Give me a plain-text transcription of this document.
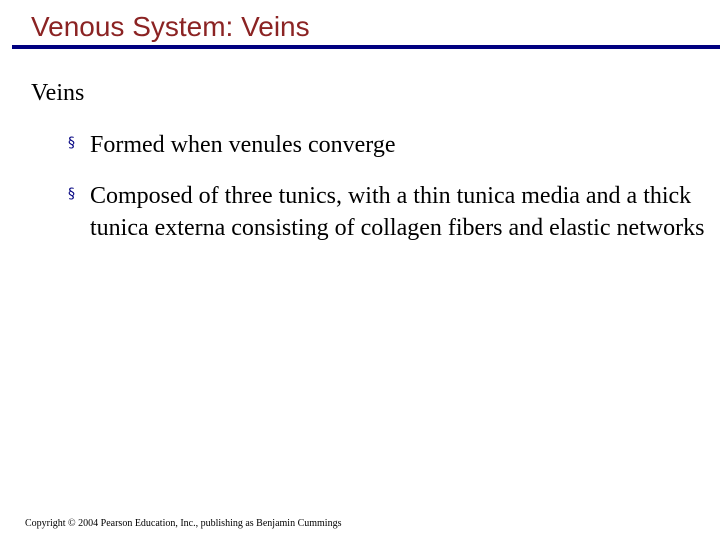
Venous System: Veins
Veins
§ Formed when venules converge
§ Composed of three tunics, with a thin tunica media and a thick tunica externa consisting of collagen fibers and elastic networks

Copyright © 2004 Pearson Education, Inc., publishing as Benjamin Cummings
